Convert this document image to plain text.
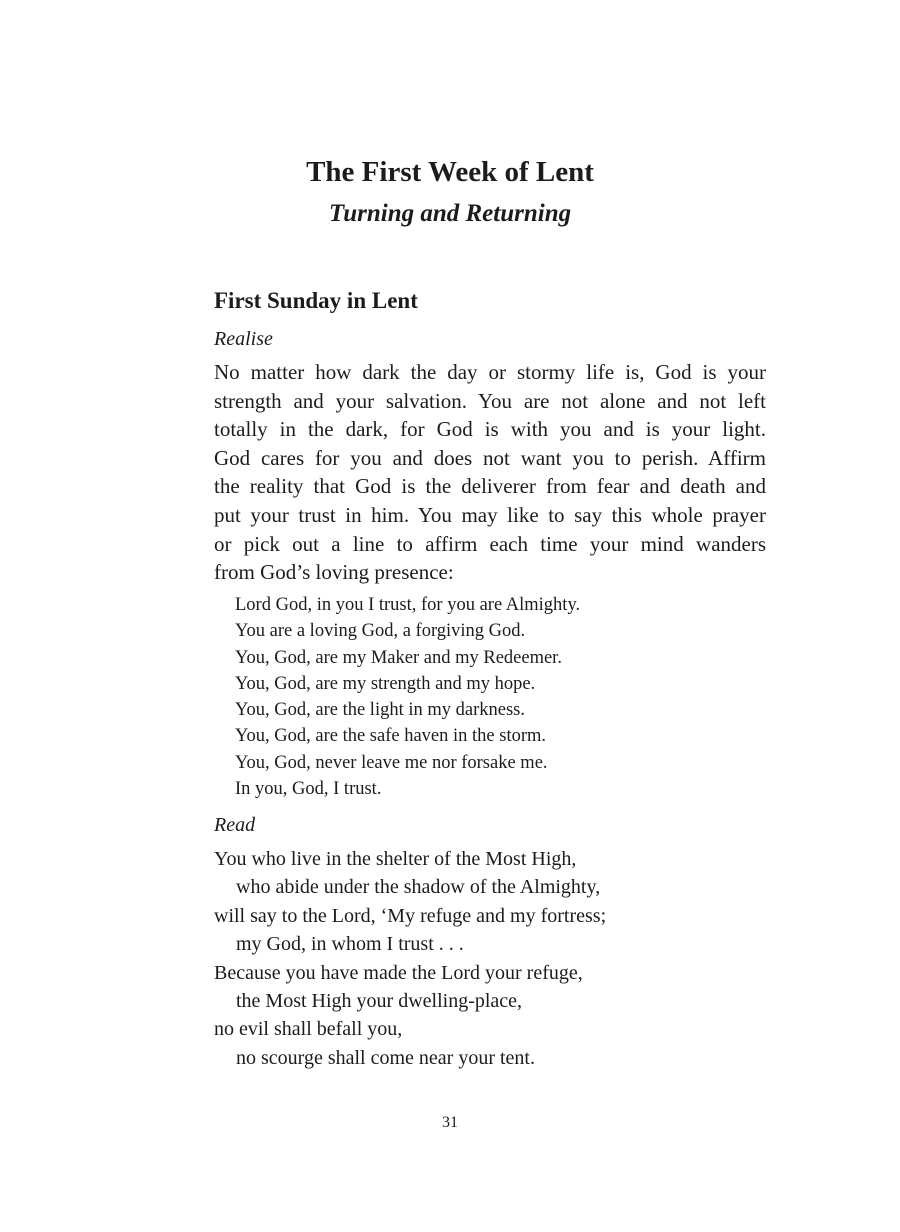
The First Week of Lent
Turning and Returning
First Sunday in Lent
Realise
No matter how dark the day or stormy life is, God is your
strength and your salvation. You are not alone and not left
totally in the dark, for God is with you and is your light.
God cares for you and does not want you to perish. Affirm
the reality that God is the deliverer from fear and death and
put your trust in him. You may like to say this whole prayer
or pick out a line to affirm each time your mind wanders
from God’s loving presence:
Lord God, in you I trust, for you are Almighty.
You are a loving God, a forgiving God.
You, God, are my Maker and my Redeemer.
You, God, are my strength and my hope.
You, God, are the light in my darkness.
You, God, are the safe haven in the storm.
You, God, never leave me nor forsake me.
In you, God, I trust.
Read
You who live in the shelter of the Most High,
who abide under the shadow of the Almighty,
will say to the Lord, ‘My refuge and my fortress;
my God, in whom I trust . . .
Because you have made the Lord your refuge,
the Most High your dwelling-place,
no evil shall befall you,
no scourge shall come near your tent.
31
